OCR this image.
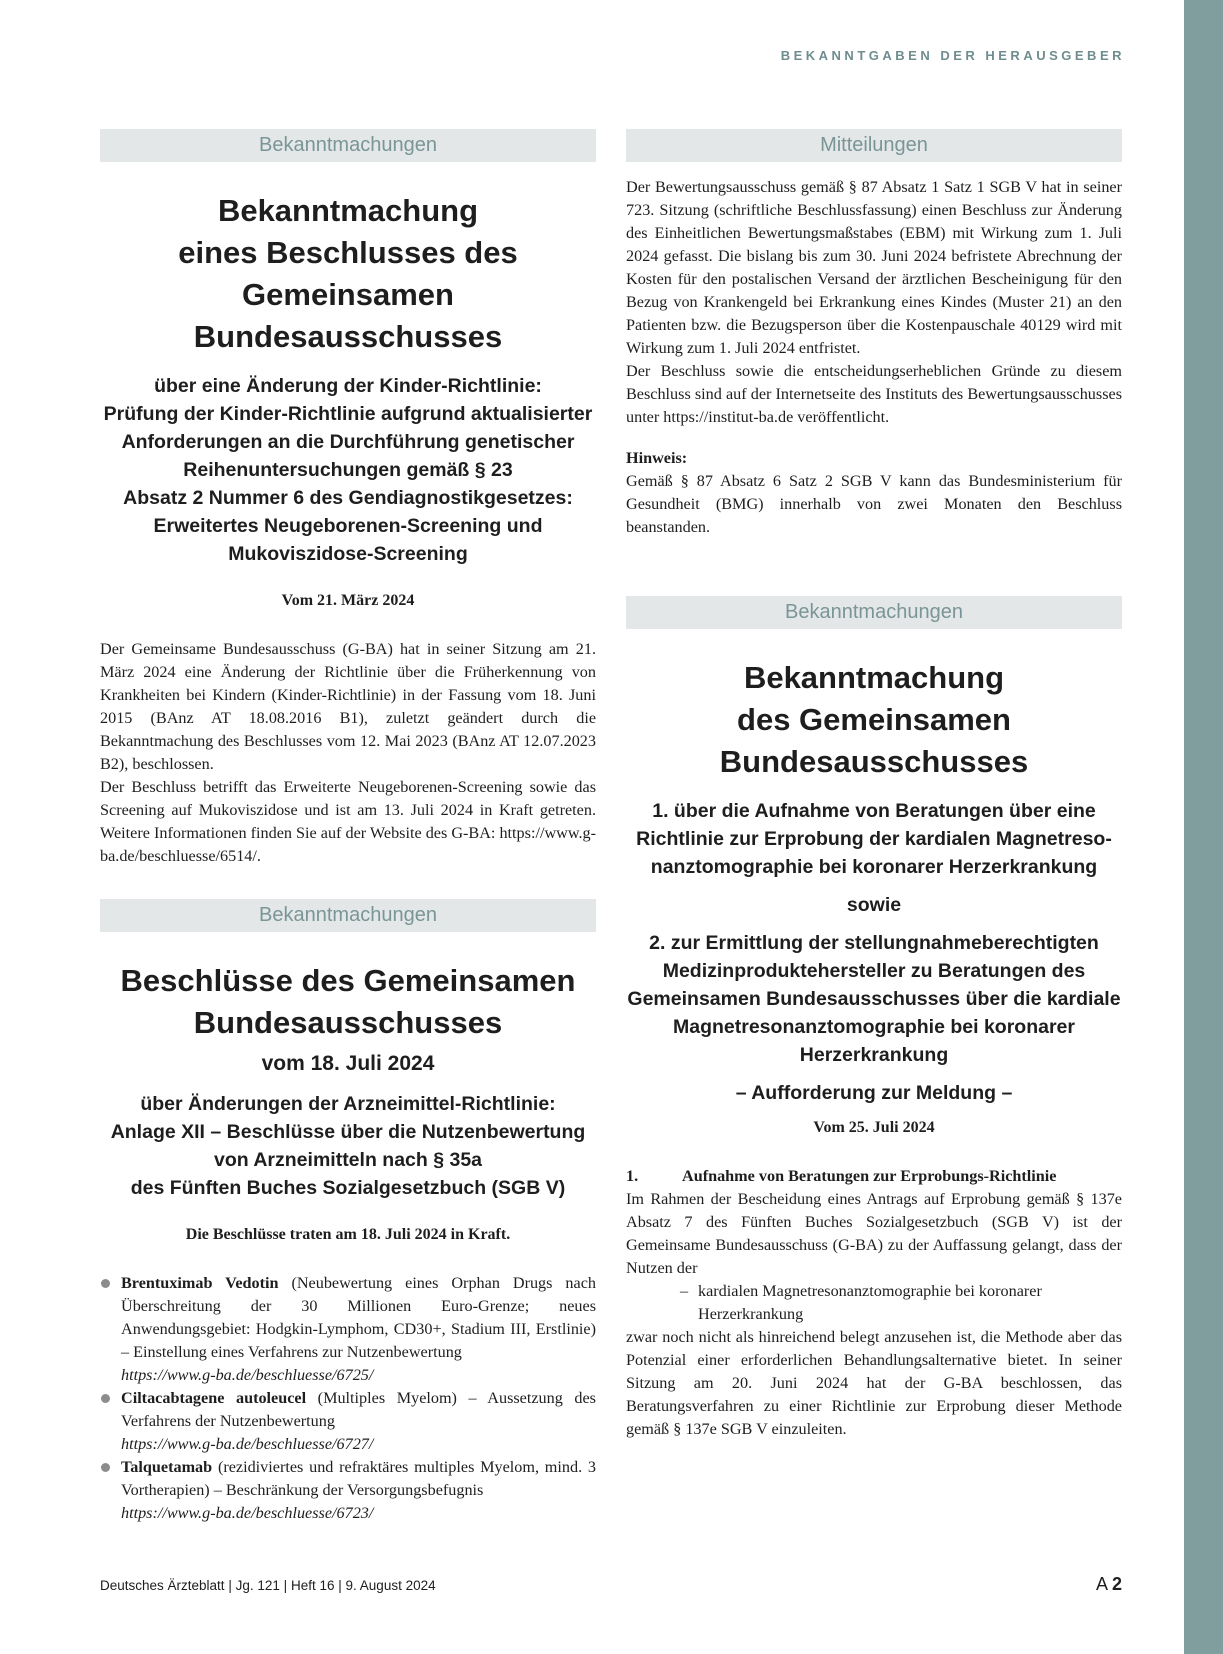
BEKANNTGABEN DER HERAUSGEBER
Bekanntmachungen
Bekanntmachung
eines Beschlusses des
Gemeinsamen Bundesausschusses
über eine Änderung der Kinder-Richtlinie:
Prüfung der Kinder-Richtlinie aufgrund aktualisierter
Anforderungen an die Durchführung genetischer
Reihenuntersuchungen gemäß § 23
Absatz 2 Nummer 6 des Gendiagnostikgesetzes:
Erweitertes Neugeborenen-Screening und
Mukoviszidose-Screening
Vom 21. März 2024
Der Gemeinsame Bundesausschuss (G-BA) hat in seiner Sitzung am 21. März 2024 eine Änderung der Richtlinie über die Früherkennung von Krankheiten bei Kindern (Kinder-Richtlinie) in der Fassung vom 18. Juni 2015 (BAnz AT 18.08.2016 B1), zuletzt geändert durch die Bekanntmachung des Beschlusses vom 12. Mai 2023 (BAnz AT 12.07.2023 B2), beschlossen.
Der Beschluss betrifft das Erweiterte Neugeborenen-Screening sowie das Screening auf Mukoviszidose und ist am 13. Juli 2024 in Kraft getreten. Weitere Informationen finden Sie auf der Website des G-BA: https://www.g-ba.de/beschluesse/6514/.
Bekanntmachungen
Beschlüsse des Gemeinsamen
Bundesausschusses
vom 18. Juli 2024
über Änderungen der Arzneimittel-Richtlinie:
Anlage XII – Beschlüsse über die Nutzenbewertung
von Arzneimitteln nach § 35a
des Fünften Buches Sozialgesetzbuch (SGB V)
Die Beschlüsse traten am 18. Juli 2024 in Kraft.
Brentuximab Vedotin (Neubewertung eines Orphan Drugs nach Überschreitung der 30 Millionen Euro-Grenze; neues Anwendungsgebiet: Hodgkin-Lymphom, CD30+, Stadium III, Erstlinie) – Einstellung eines Verfahrens zur Nutzenbewertung
https://www.g-ba.de/beschluesse/6725/
Ciltacabtagene autoleucel (Multiples Myelom) – Aussetzung des Verfahrens der Nutzenbewertung
https://www.g-ba.de/beschluesse/6727/
Talquetamab (rezidiviertes und refraktäres multiples Myelom, mind. 3 Vortherapien) – Beschränkung der Versorgungsbefugnis
https://www.g-ba.de/beschluesse/6723/
Mitteilungen
Der Bewertungsausschuss gemäß § 87 Absatz 1 Satz 1 SGB V hat in seiner 723. Sitzung (schriftliche Beschlussfassung) einen Beschluss zur Änderung des Einheitlichen Bewertungsmaßstabes (EBM) mit Wirkung zum 1. Juli 2024 gefasst. Die bislang bis zum 30. Juni 2024 befristete Abrechnung der Kosten für den postalischen Versand der ärztlichen Bescheinigung für den Bezug von Krankengeld bei Erkrankung eines Kindes (Muster 21) an den Patienten bzw. die Bezugsperson über die Kostenpauschale 40129 wird mit Wirkung zum 1. Juli 2024 entfristet.
Der Beschluss sowie die entscheidungserheblichen Gründe zu diesem Beschluss sind auf der Internetseite des Instituts des Bewertungsausschusses unter https://institut-ba.de veröffentlicht.
Hinweis:
Gemäß § 87 Absatz 6 Satz 2 SGB V kann das Bundesministerium für Gesundheit (BMG) innerhalb von zwei Monaten den Beschluss beanstanden.
Bekanntmachungen
Bekanntmachung
des Gemeinsamen
Bundesausschusses
1. über die Aufnahme von Beratungen über eine
Richtlinie zur Erprobung der kardialen Magnetreso-
nanztomographie bei koronarer Herzerkrankung
sowie
2. zur Ermittlung der stellungnahmeberechtigten
Medizinproduktehersteller zu Beratungen des
Gemeinsamen Bundesausschusses über die kardiale
Magnetresonanztomographie bei koronarer
Herzerkrankung
– Aufforderung zur Meldung –
Vom 25. Juli 2024
1.	Aufnahme von Beratungen zur Erprobungs-Richtlinie
Im Rahmen der Bescheidung eines Antrags auf Erprobung gemäß § 137e Absatz 7 des Fünften Buches Sozialgesetzbuch (SGB V) ist der Gemeinsame Bundesausschuss (G-BA) zu der Auffassung gelangt, dass der Nutzen der
– kardialen Magnetresonanztomographie bei koronarer Herzerkrankung
zwar noch nicht als hinreichend belegt anzusehen ist, die Methode aber das Potenzial einer erforderlichen Behandlungsalternative bietet. In seiner Sitzung am 20. Juni 2024 hat der G-BA beschlossen, das Beratungsverfahren zu einer Richtlinie zur Erprobung dieser Methode gemäß § 137e SGB V einzuleiten.
Deutsches Ärzteblatt | Jg. 121 | Heft 16 | 9. August 2024	A 2
